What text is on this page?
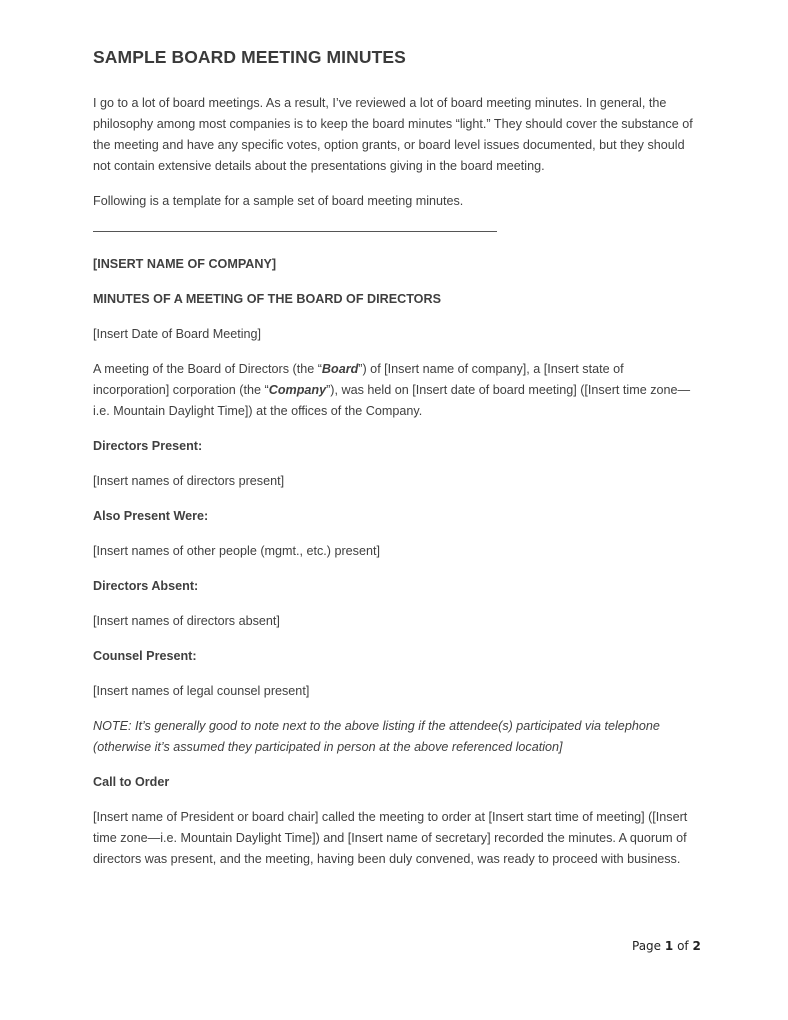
SAMPLE BOARD MEETING MINUTES

I go to a lot of board meetings. As a result, I’ve reviewed a lot of board meeting minutes. In general, the philosophy among most companies is to keep the board minutes “light.” They should cover the substance of the meeting and have any specific votes, option grants, or board level issues documented, but they should not contain extensive details about the presentations giving in the board meeting.

Following is a template for a sample set of board meeting minutes.

[INSERT NAME OF COMPANY]

MINUTES OF A MEETING OF THE BOARD OF DIRECTORS

[Insert Date of Board Meeting]

A meeting of the Board of Directors (the “Board”) of [Insert name of company], a [Insert state of incorporation] corporation (the “Company”), was held on [Insert date of board meeting] ([Insert time zone—i.e. Mountain Daylight Time]) at the offices of the Company.

Directors Present:

[Insert names of directors present]

Also Present Were:

[Insert names of other people (mgmt., etc.) present]

Directors Absent:

[Insert names of directors absent]

Counsel Present:

[Insert names of legal counsel present]

NOTE: It’s generally good to note next to the above listing if the attendee(s) participated via telephone (otherwise it’s assumed they participated in person at the above referenced location]

Call to Order

[Insert name of President or board chair] called the meeting to order at [Insert start time of meeting] ([Insert time zone—i.e. Mountain Daylight Time]) and [Insert name of secretary] recorded the minutes. A quorum of directors was present, and the meeting, having been duly convened, was ready to proceed with business.

Page 1 of 2
